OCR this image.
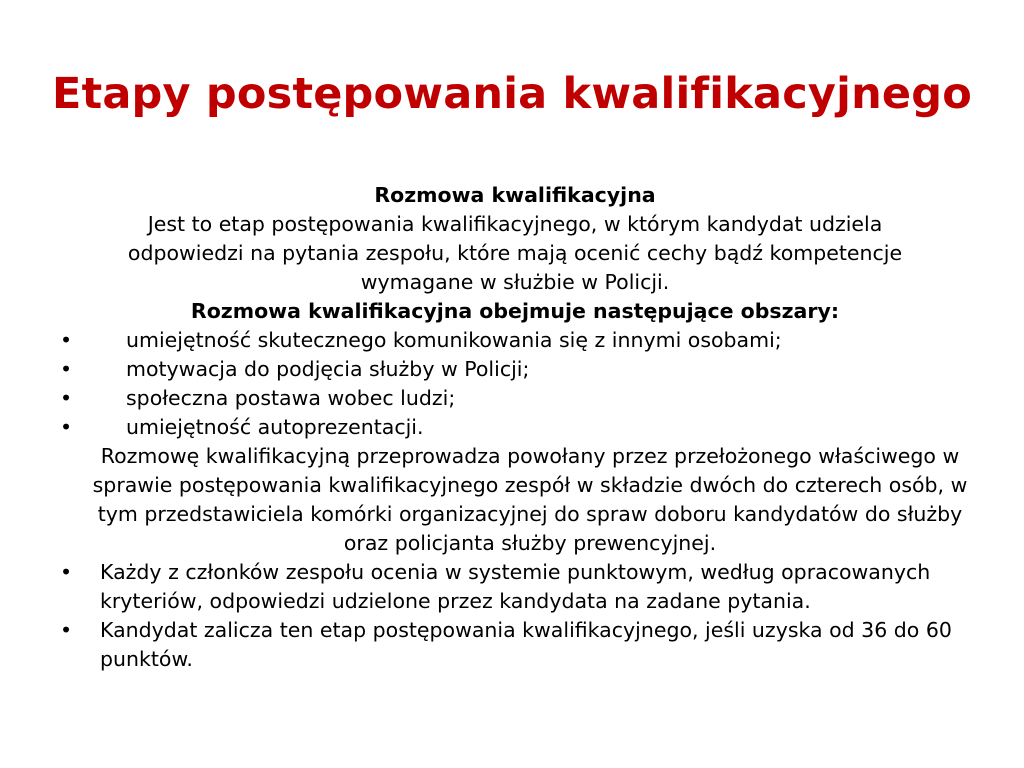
Etapy postępowania kwalifikacyjnego
Rozmowa kwalifikacyjna
Jest to etap postępowania kwalifikacyjnego, w którym kandydat udziela odpowiedzi na pytania zespołu, które mają ocenić cechy bądź kompetencje wymagane w służbie w Policji.
Rozmowa kwalifikacyjna obejmuje następujące obszary:
•	umiejętność skutecznego komunikowania się z innymi osobami;
•	motywacja do podjęcia służby w Policji;
•	społeczna postawa wobec ludzi;
•	umiejętność autoprezentacji.
Rozmowę kwalifikacyjną przeprowadza powołany przez przełożonego właściwego w sprawie postępowania kwalifikacyjnego zespół w składzie dwóch do czterech osób, w tym przedstawiciela komórki organizacyjnej do spraw doboru kandydatów do służby oraz policjanta służby prewencyjnej.
• Każdy z członków zespołu ocenia w systemie punktowym, według opracowanych kryteriów, odpowiedzi udzielone przez kandydata na zadane pytania.
• Kandydat zalicza ten etap postępowania kwalifikacyjnego, jeśli uzyska od 36 do 60 punktów.
